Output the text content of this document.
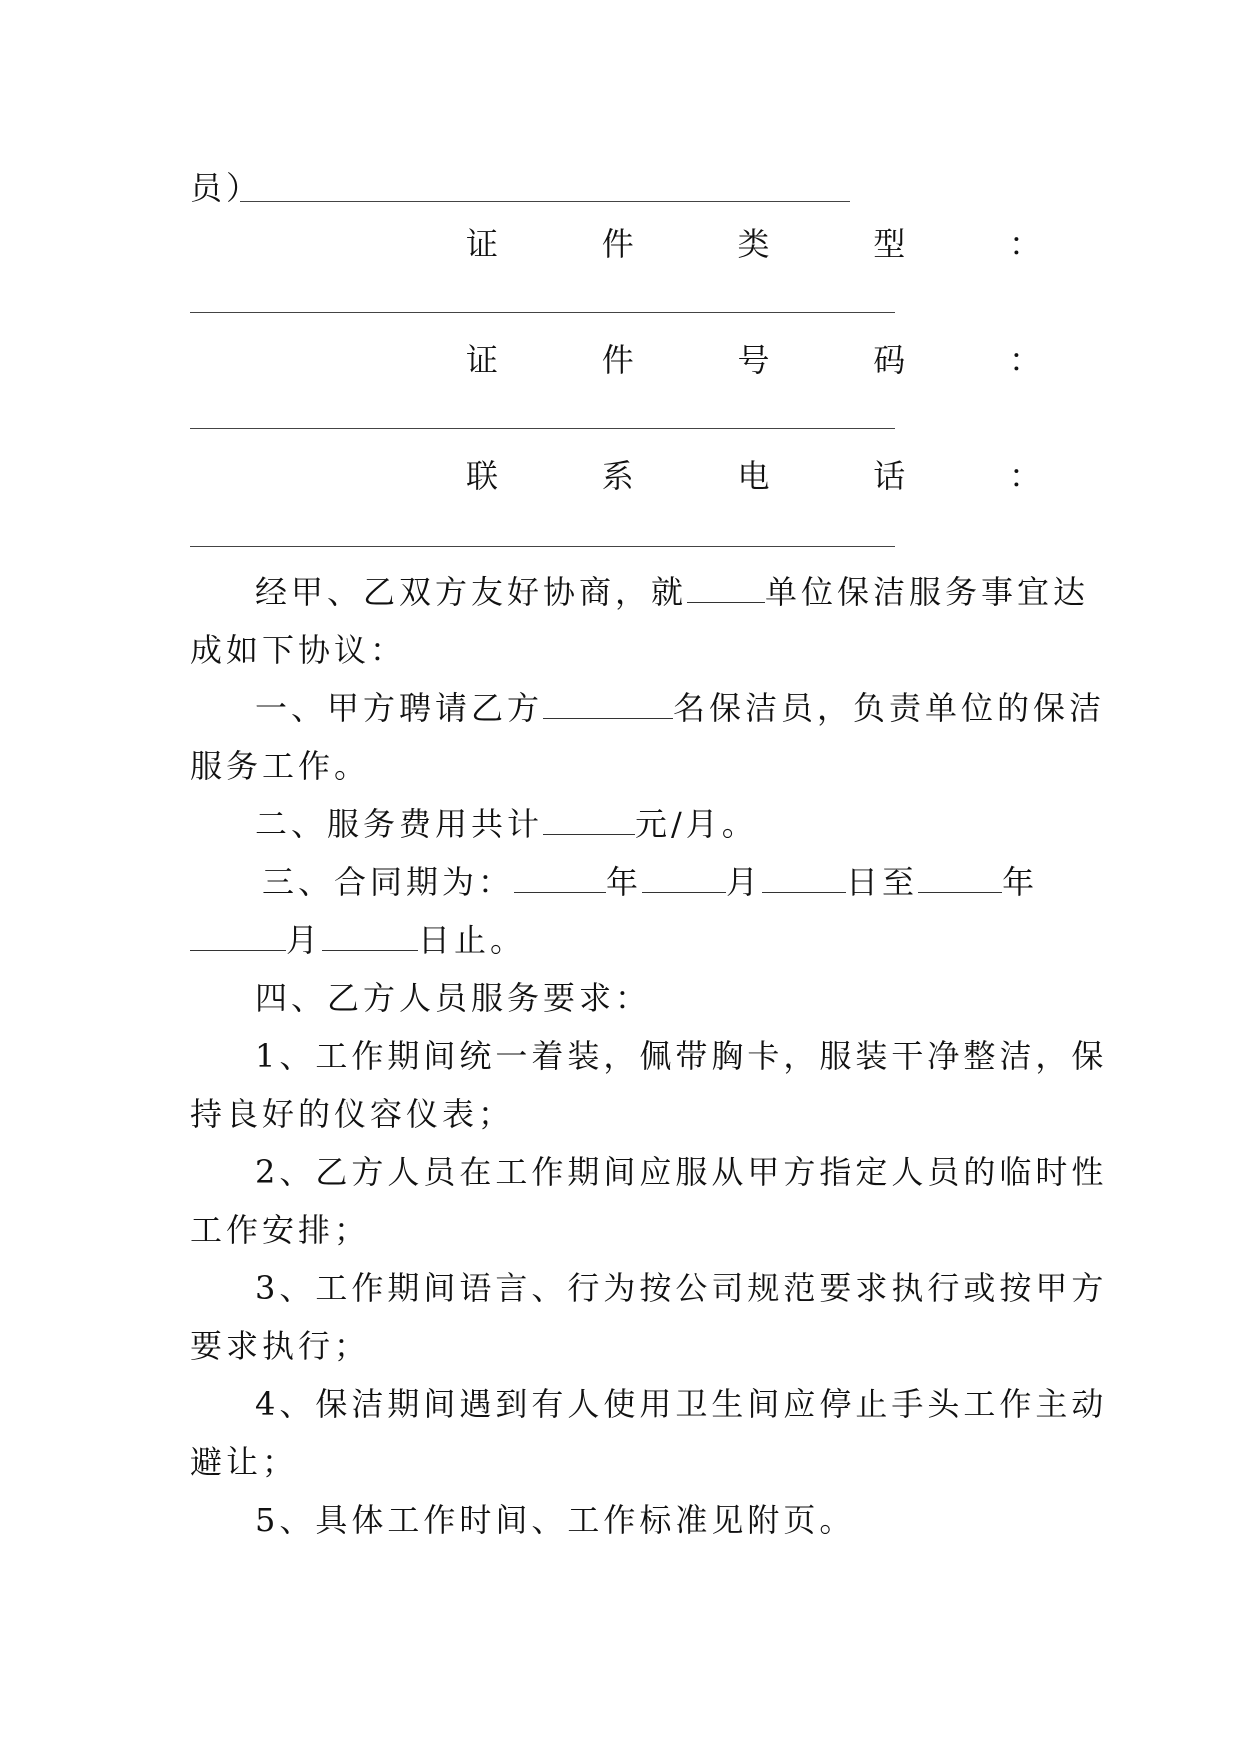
员）
证	件	类	型	：
证	件	号	码	：
联	系	电	话	：
经甲、乙双方友好协商，就 单位保洁服务事宜达
成如下协议：
一、甲方聘请乙方	名保洁员，负责单位的保洁
服务工作。
二、服务费用共计	元/月。
三、合同期为：	年	月	日至	年
月	日止。
四、乙方人员服务要求：
1、工作期间统一着装，佩带胸卡，服装干净整洁，保
持良好的仪容仪表；
2、乙方人员在工作期间应服从甲方指定人员的临时性
工作安排；
3、工作期间语言、行为按公司规范要求执行或按甲方
要求执行；
4、保洁期间遇到有人使用卫生间应停止手头工作主动
避让；
5、具体工作时间、工作标准见附页。
